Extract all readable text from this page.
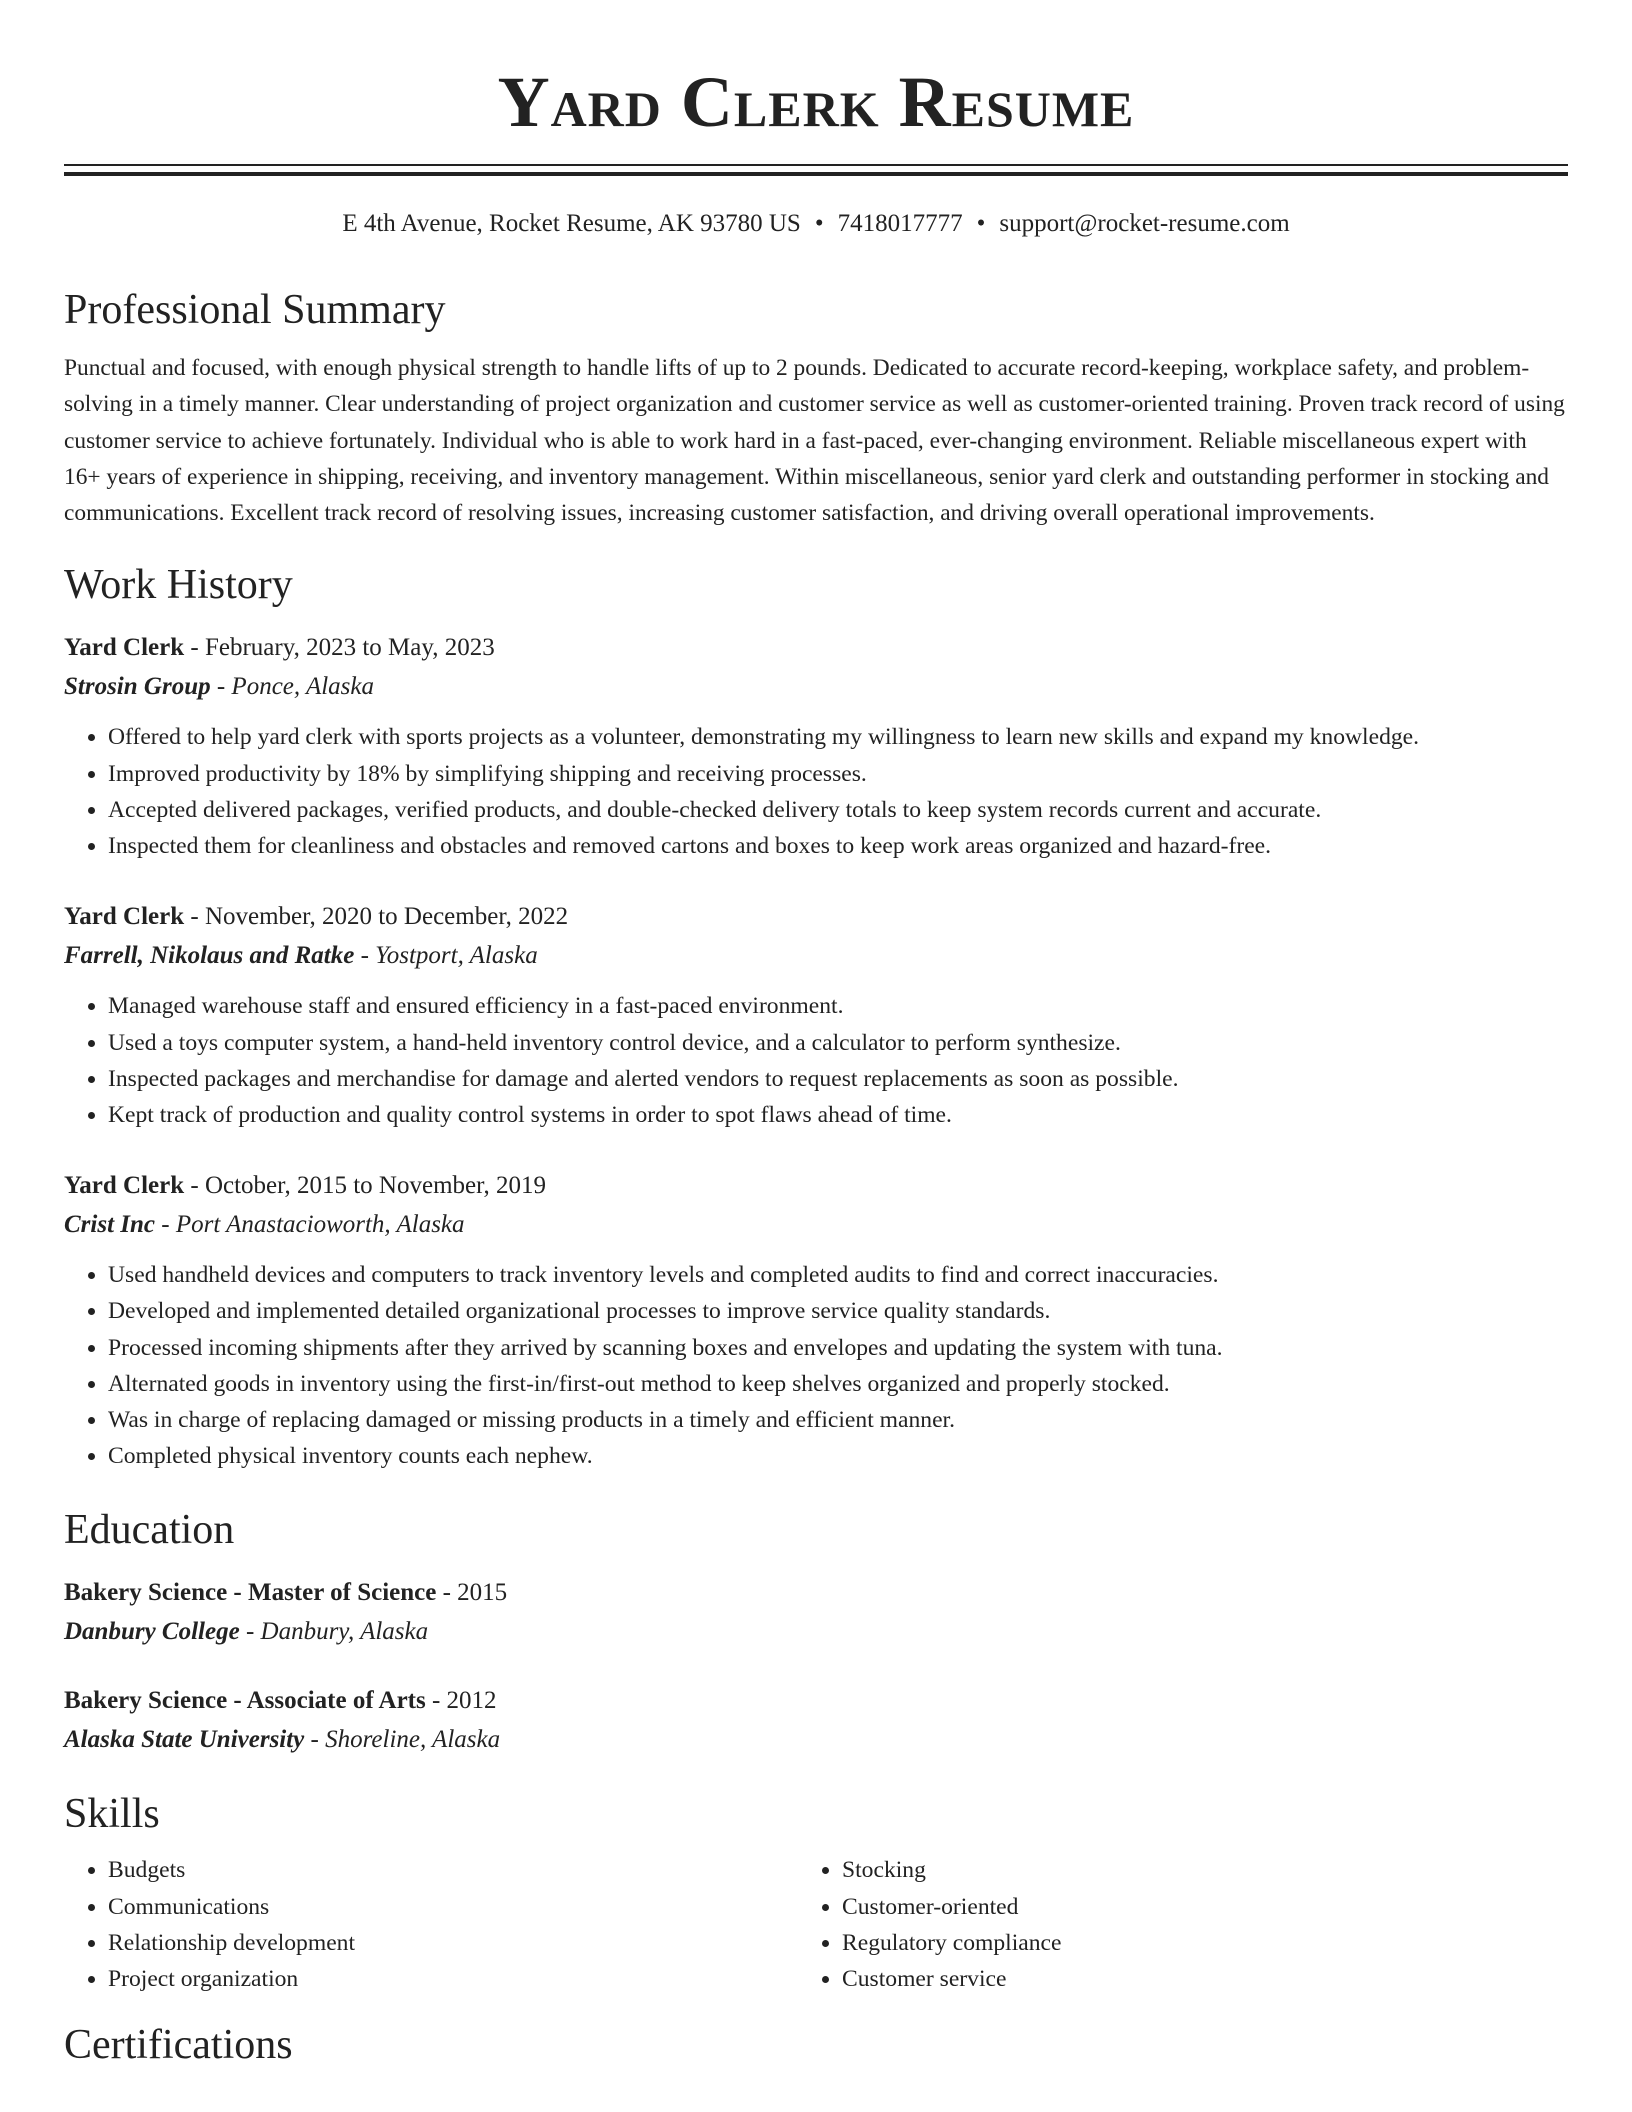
Yard Clerk Resume
E 4th Avenue, Rocket Resume, AK 93780 US • 7418017777 • support@rocket-resume.com
Professional Summary

Punctual and focused, with enough physical strength to handle lifts of up to 2 pounds. Dedicated to accurate record-keeping, workplace safety, and problem-solving in a timely manner. Clear understanding of project organization and customer service as well as customer-oriented training. Proven track record of using customer service to achieve fortunately. Individual who is able to work hard in a fast-paced, ever-changing environment. Reliable miscellaneous expert with 16+ years of experience in shipping, receiving, and inventory management. Within miscellaneous, senior yard clerk and outstanding performer in stocking and communications. Excellent track record of resolving issues, increasing customer satisfaction, and driving overall operational improvements.

Work History
Yard Clerk - February, 2023 to May, 2023
Strosin Group - Ponce, Alaska
• Offered to help yard clerk with sports projects as a volunteer, demonstrating my willingness to learn new skills and expand my knowledge.
• Improved productivity by 18% by simplifying shipping and receiving processes.
• Accepted delivered packages, verified products, and double-checked delivery totals to keep system records current and accurate.
• Inspected them for cleanliness and obstacles and removed cartons and boxes to keep work areas organized and hazard-free.
Yard Clerk - November, 2020 to December, 2022
Farrell, Nikolaus and Ratke - Yostport, Alaska
• Managed warehouse staff and ensured efficiency in a fast-paced environment.
• Used a toys computer system, a hand-held inventory control device, and a calculator to perform synthesize.
• Inspected packages and merchandise for damage and alerted vendors to request replacements as soon as possible.
• Kept track of production and quality control systems in order to spot flaws ahead of time.
Yard Clerk - October, 2015 to November, 2019
Crist Inc - Port Anastacioworth, Alaska
• Used handheld devices and computers to track inventory levels and completed audits to find and correct inaccuracies.
• Developed and implemented detailed organizational processes to improve service quality standards.
• Processed incoming shipments after they arrived by scanning boxes and envelopes and updating the system with tuna.
• Alternated goods in inventory using the first-in/first-out method to keep shelves organized and properly stocked.
• Was in charge of replacing damaged or missing products in a timely and efficient manner.
• Completed physical inventory counts each nephew.
Education
Bakery Science - Master of Science - 2015
Danbury College - Danbury, Alaska
Bakery Science - Associate of Arts - 2012
Alaska State University - Shoreline, Alaska
Skills
• Budgets
• Communications
• Relationship development
• Project organization
• Stocking
• Customer-oriented
• Regulatory compliance
• Customer service
Certifications
